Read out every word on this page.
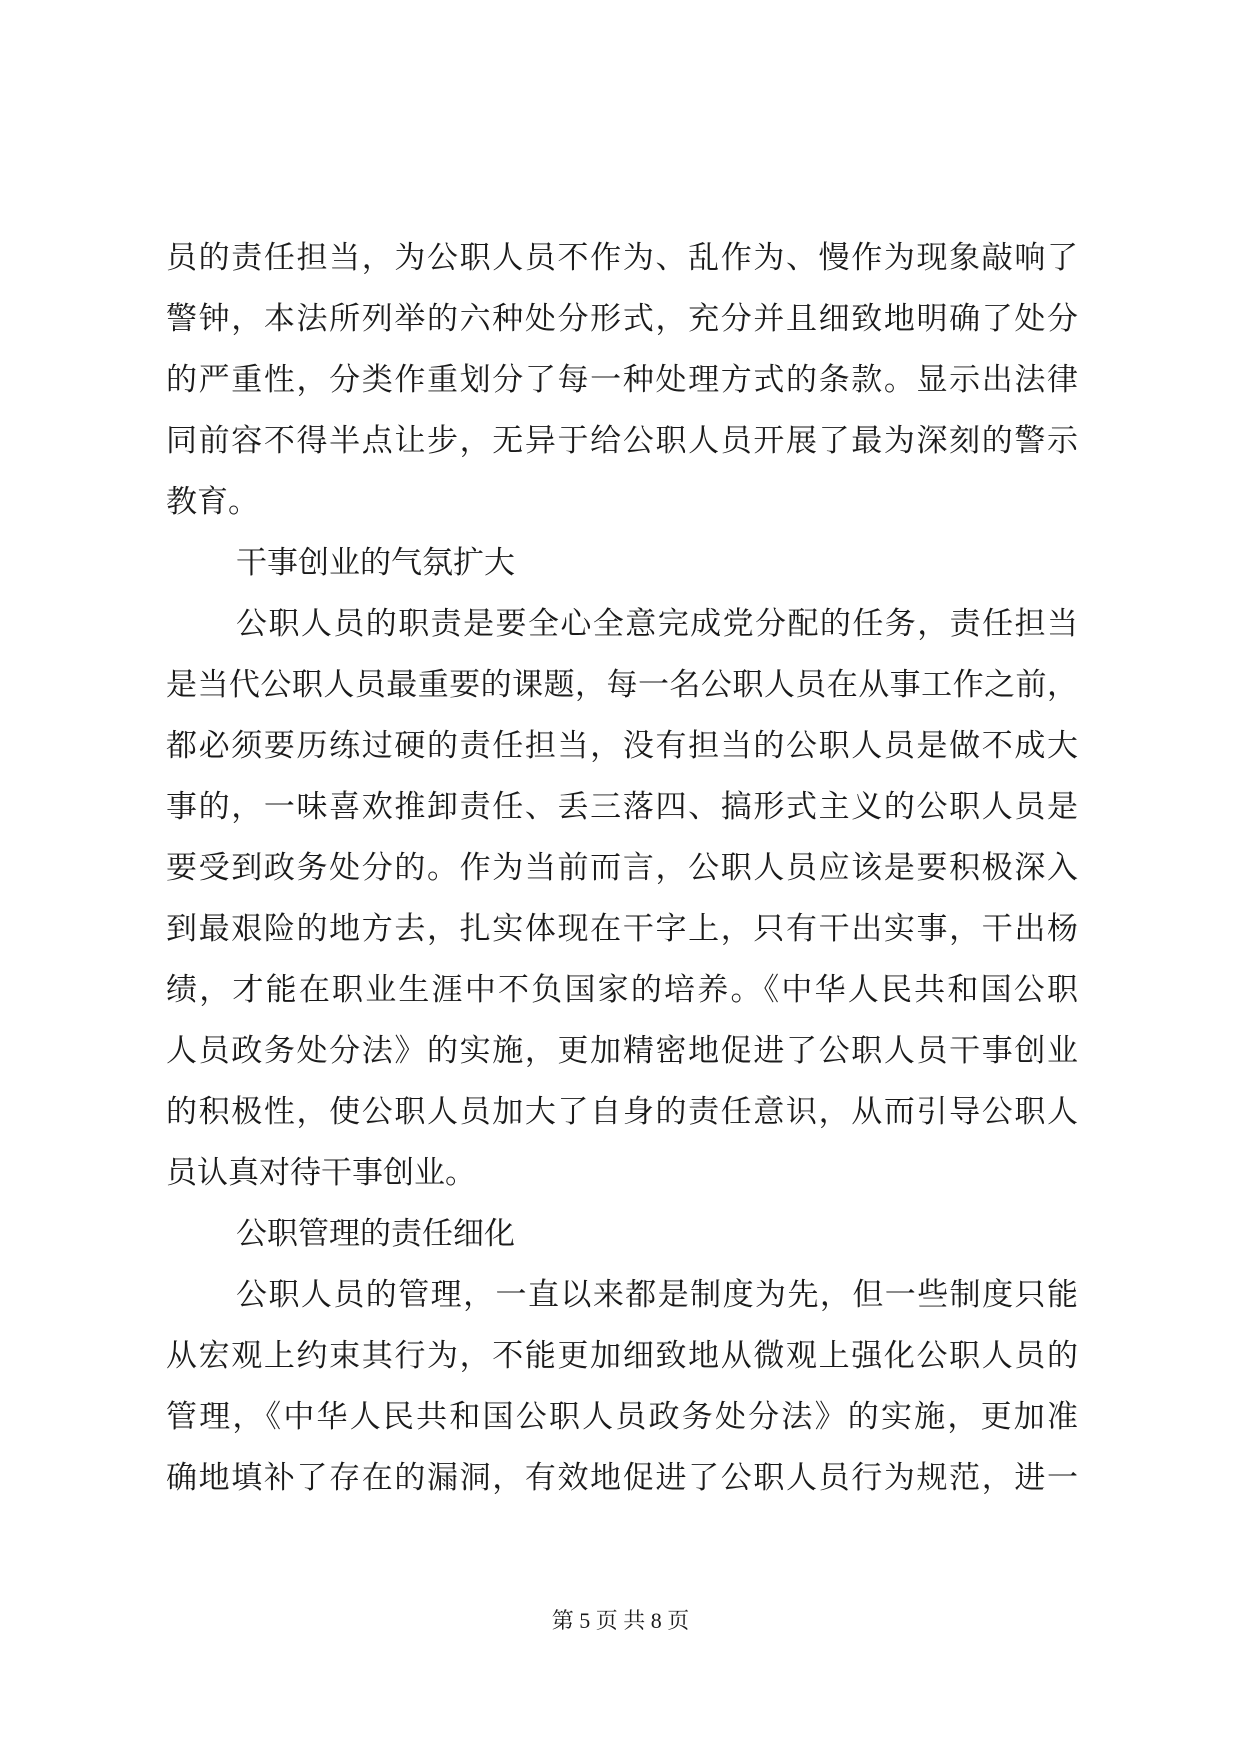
员的责任担当，为公职人员不作为、乱作为、慢作为现象敲响了
警钟，本法所列举的六种处分形式，充分并且细致地明确了处分
的严重性，分类作重划分了每一种处理方式的条款。显示出法律
同前容不得半点让步，无异于给公职人员开展了最为深刻的警示
教育。
干事创业的气氛扩大
公职人员的职责是要全心全意完成党分配的任务，责任担当
是当代公职人员最重要的课题，每一名公职人员在从事工作之前，
都必须要历练过硬的责任担当，没有担当的公职人员是做不成大
事的，一味喜欢推卸责任、丢三落四、搞形式主义的公职人员是
要受到政务处分的。作为当前而言，公职人员应该是要积极深入
到最艰险的地方去，扎实体现在干字上，只有干出实事，干出杨
绩，才能在职业生涯中不负国家的培养。《中华人民共和国公职
人员政务处分法》的实施，更加精密地促进了公职人员干事创业
的积极性，使公职人员加大了自身的责任意识，从而引导公职人
员认真对待干事创业。
公职管理的责任细化
公职人员的管理，一直以来都是制度为先，但一些制度只能
从宏观上约束其行为，不能更加细致地从微观上强化公职人员的
管理，《中华人民共和国公职人员政务处分法》的实施，更加准
确地填补了存在的漏洞，有效地促进了公职人员行为规范，进一
第 5 页 共 8 页
